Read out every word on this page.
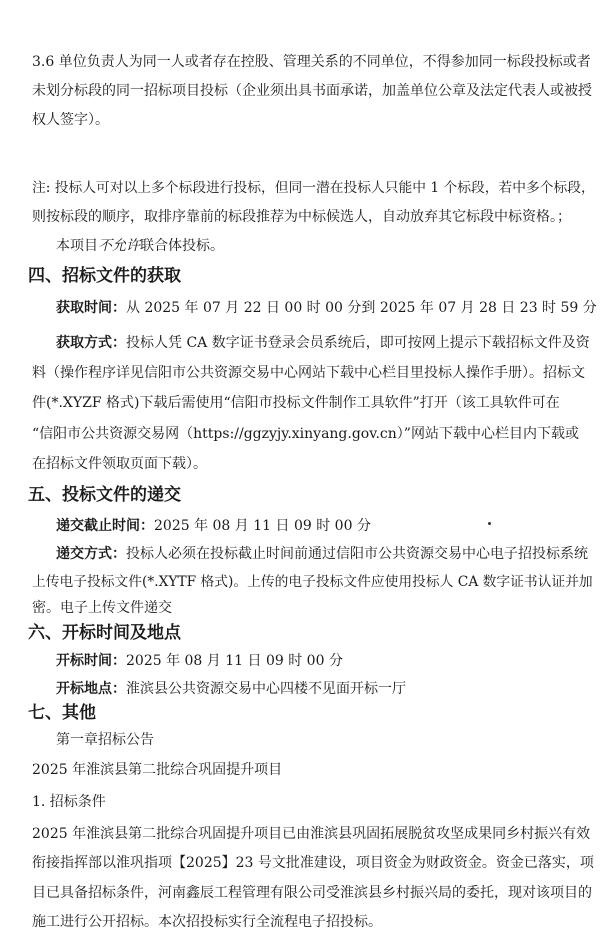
3.6 单位负责人为同一人或者存在控股、管理关系的不同单位，不得参加同一标段投标或者
未划分标段的同一招标项目投标（企业须出具书面承诺，加盖单位公章及法定代表人或被授
权人签字）。
注: 投标人可对以上多个标段进行投标，但同一潜在投标人只能中 1 个标段，若中多个标段，
则按标段的顺序，取排序靠前的标段推荐为中标候选人，自动放弃其它标段中标资格。；
本项目不允许联合体投标。
四、招标文件的获取
获取时间：从 2025 年 07 月 22 日 00 时 00 分到 2025 年 07 月 28 日 23 时 59 分
获取方式：投标人凭 CA 数字证书登录会员系统后，即可按网上提示下载招标文件及资
料（操作程序详见信阳市公共资源交易中心网站下载中心栏目里投标人操作手册）。招标文
件(*.XYZF 格式)下载后需使用“信阳市投标文件制作工具软件”打开（该工具软件可在
“信阳市公共资源交易网（https://ggzyjy.xinyang.gov.cn）”网站下载中心栏目内下载或
在招标文件领取页面下载）。
五、投标文件的递交
递交截止时间：2025 年 08 月 11 日 09 时 00 分
递交方式：投标人必须在投标截止时间前通过信阳市公共资源交易中心电子招投标系统
上传电子投标文件(*.XYTF 格式)。上传的电子投标文件应使用投标人 CA 数字证书认证并加
密。电子上传文件递交
六、开标时间及地点
开标时间：2025 年 08 月 11 日 09 时 00 分
开标地点：淮滨县公共资源交易中心四楼不见面开标一厅
七、其他
第一章招标公告
2025 年淮滨县第二批综合巩固提升项目
1. 招标条件
2025 年淮滨县第二批综合巩固提升项目已由淮滨县巩固拓展脱贫攻坚成果同乡村振兴有效
衔接指挥部以淮巩指项【2025】23 号文批准建设，项目资金为财政资金。资金已落实，项
目已具备招标条件，河南鑫辰工程管理有限公司受淮滨县乡村振兴局的委托，现对该项目的
施工进行公开招标。本次招投标实行全流程电子招投标。
